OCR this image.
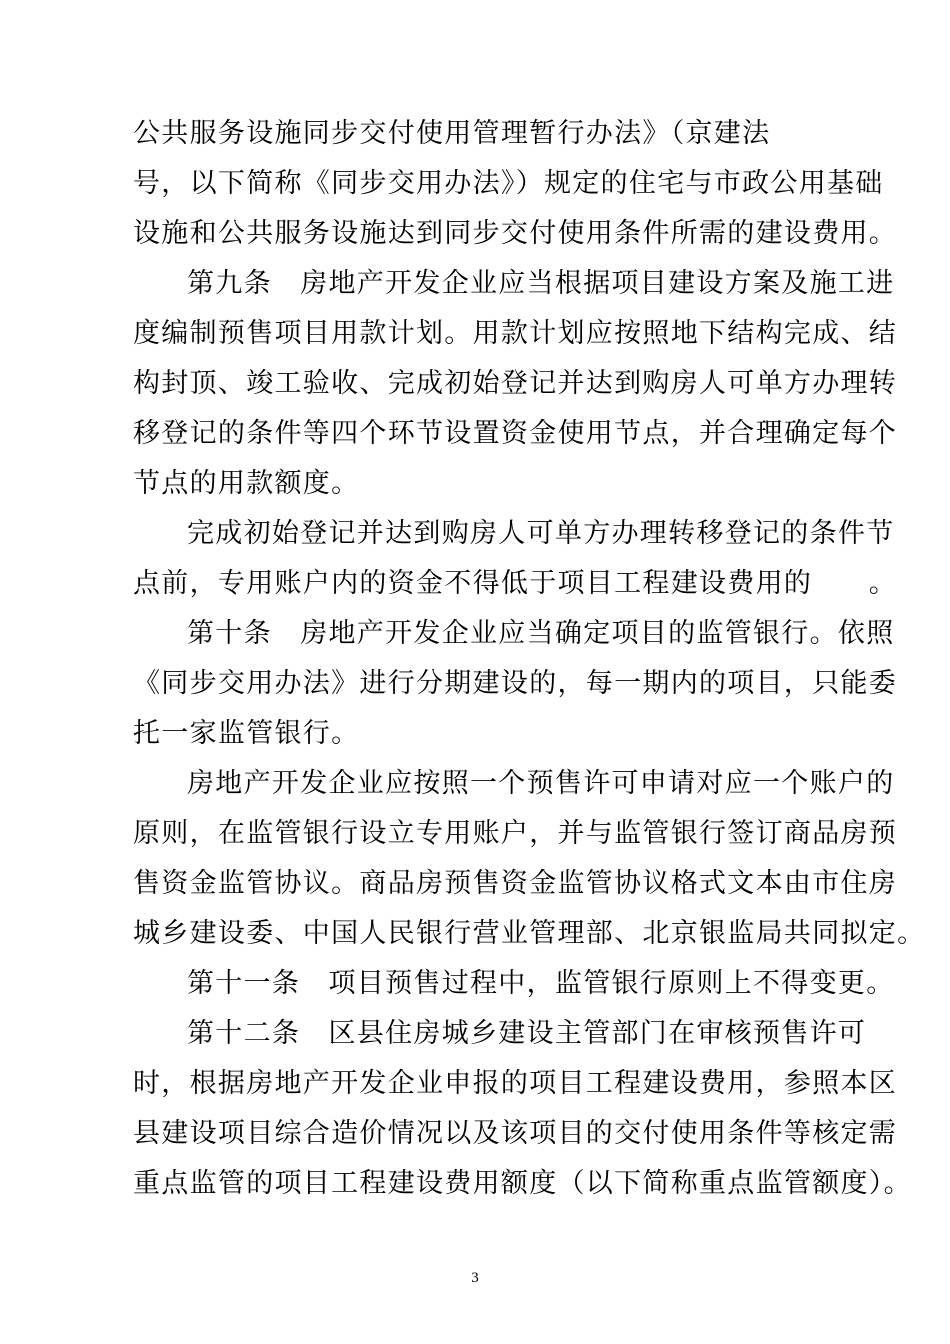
公共服务设施同步交付使用管理暂行办法》（京建法
号，以下简称《同步交用办法》）规定的住宅与市政公用基础
设施和公共服务设施达到同步交付使用条件所需的建设费用。
第九条　房地产开发企业应当根据项目建设方案及施工进
度编制预售项目用款计划。用款计划应按照地下结构完成、结
构封顶、竣工验收、完成初始登记并达到购房人可单方办理转
移登记的条件等四个环节设置资金使用节点，并合理确定每个
节点的用款额度。
完成初始登记并达到购房人可单方办理转移登记的条件节
点前，专用账户内的资金不得低于项目工程建设费用的　　。
第十条　房地产开发企业应当确定项目的监管银行。依照
《同步交用办法》进行分期建设的，每一期内的项目，只能委
托一家监管银行。
房地产开发企业应按照一个预售许可申请对应一个账户的
原则，在监管银行设立专用账户，并与监管银行签订商品房预
售资金监管协议。商品房预售资金监管协议格式文本由市住房
城乡建设委、中国人民银行营业管理部、北京银监局共同拟定。
第十一条　项目预售过程中，监管银行原则上不得变更。
第十二条　区县住房城乡建设主管部门在审核预售许可
时，根据房地产开发企业申报的项目工程建设费用，参照本区
县建设项目综合造价情况以及该项目的交付使用条件等核定需
重点监管的项目工程建设费用额度（以下简称重点监管额度）。
3
